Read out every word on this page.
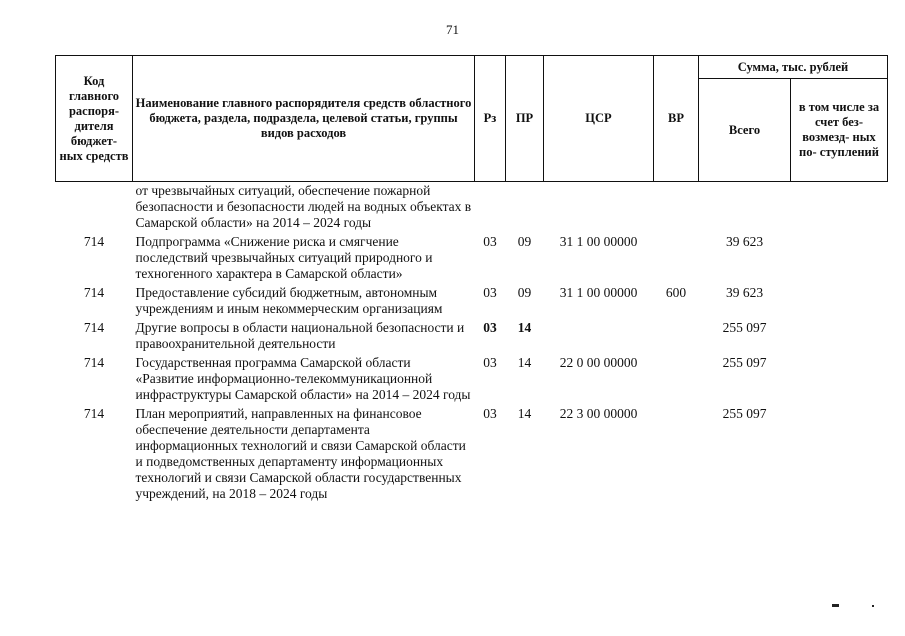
71
Код главного распоря- дителя бюджет- ных средств	Наименование главного распорядителя средств областного бюджета, раздела, подраздела, целевой статьи, группы видов расходов	Рз	ПР	ЦСР	ВР	Сумма, тыс. рублей	
						Всего	в том числе за счет без- возмезд- ных по- ступлений
	от чрезвычайных ситуаций, обеспечение пожарной безопасности и безопасности людей на водных объектах в Самарской области» на 2014 – 2024 годы						
714	Подпрограмма «Снижение риска и смягчение последствий чрезвычайных ситуаций природного и техногенного характера в Самарской области»	03	09	31 1 00 00000		39 623	
714	Предоставление субсидий бюджетным, автономным учреждениям и иным некоммерческим организациям	03	09	31 1 00 00000	600	39 623	
714	Другие вопросы в области национальной безопасности и правоохранительной деятельности	03	14			255 097	
714	Государственная программа Самарской области «Развитие информационно-телекоммуникационной инфраструктуры Самарской области» на 2014 – 2024 годы	03	14	22 0 00 00000		255 097	
714	План мероприятий, направленных на финансовое обеспечение деятельности департамента информационных технологий и связи Самарской области и подведомственных департаменту информационных технологий и связи Самарской области государственных учреждений, на 2018 – 2024 годы	03	14	22 3 00 00000		255 097	
